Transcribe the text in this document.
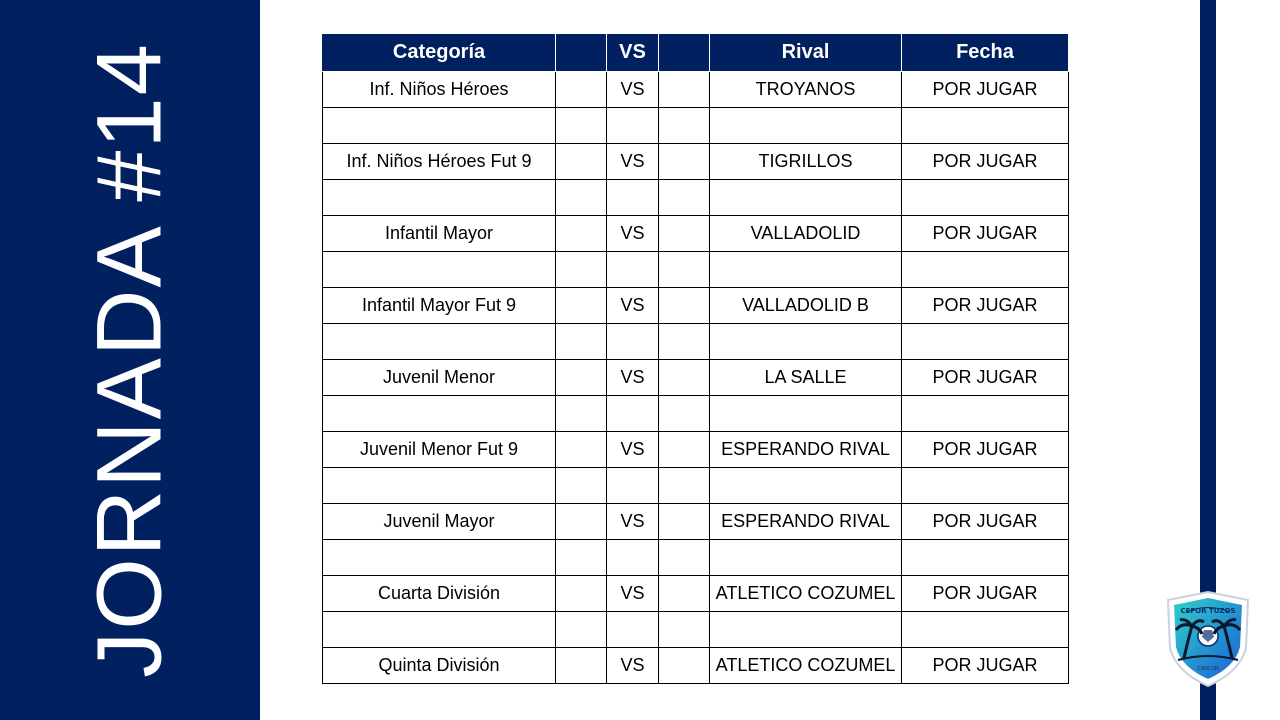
JORNADA #14	Categoría		VS		Rival	Fecha
Inf. Niños Héroes		VS		TROYANOS	POR JUGAR

Inf. Niños Héroes Fut 9		VS		TIGRILLOS	POR JUGAR

Infantil Mayor		VS		VALLADOLID	POR JUGAR

Infantil Mayor Fut 9		VS		VALLADOLID B	POR JUGAR

Juvenil Menor		VS		LA SALLE	POR JUGAR

Juvenil Menor Fut 9		VS		ESPERANDO RIVAL	POR JUGAR

Juvenil Mayor		VS		ESPERANDO RIVAL	POR JUGAR

Cuarta División		VS		ATLETICO COZUMEL	POR JUGAR

Quinta División		VS		ATLETICO COZUMEL	POR JUGAR
CEFOR TUZOS
CANCUN
